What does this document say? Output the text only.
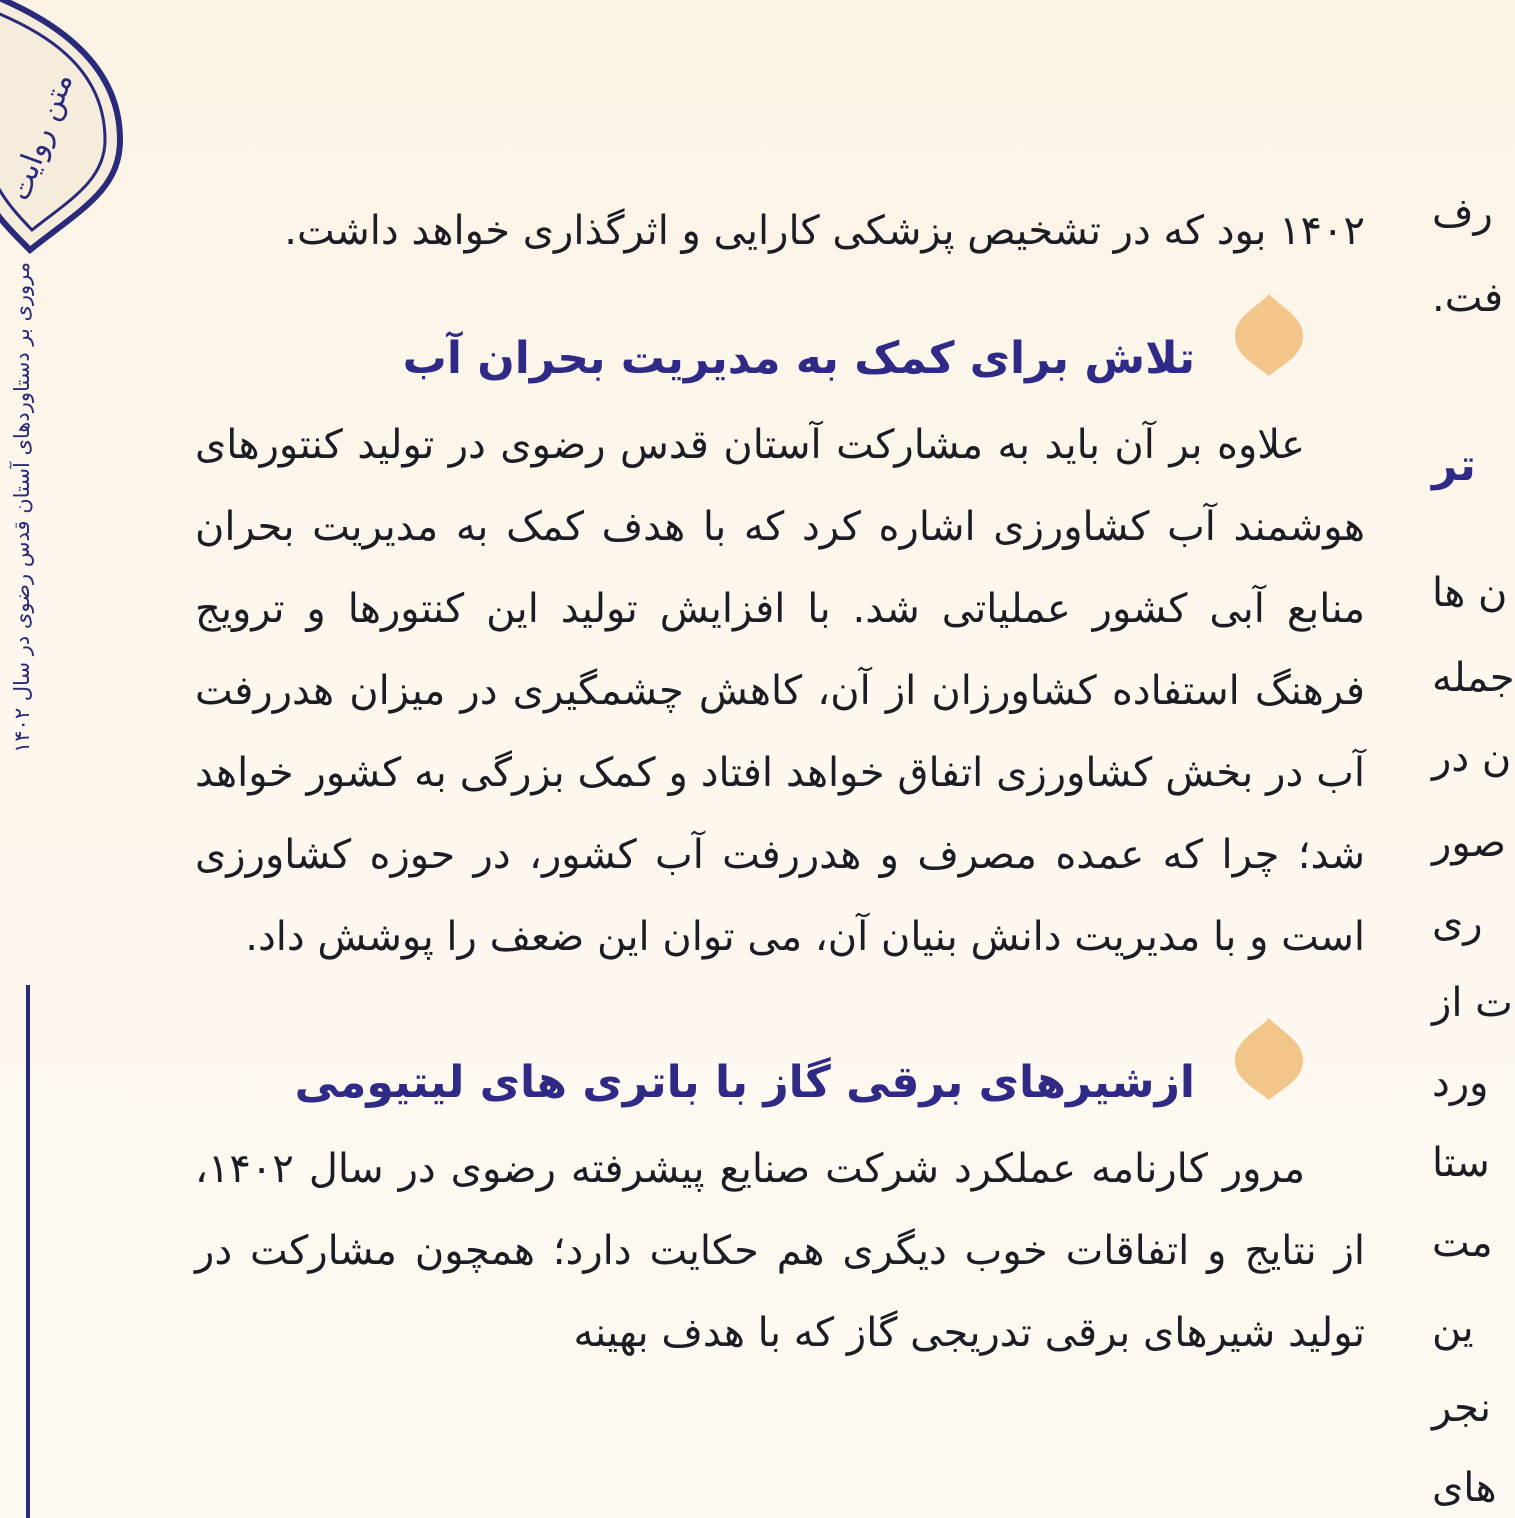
متن روایت
مروری بر دستاوردهای آستان قدس رضوی در سال ۱۴۰۲

۱۴۰۲ بود که در تشخیص پزشکی کارایی و اثرگذاری خواهد داشت.

تلاش برای کمک به مدیریت بحران آب

علاوه بر آن باید به مشارکت آستان قدس رضوی در تولید کنتورهای هوشمند آب کشاورزی اشاره کرد که با هدف کمک به مدیریت بحران منابع آبی کشور عملیاتی شد. با افزایش تولید این کنتورها و ترویج فرهنگ استفاده کشاورزان از آن، کاهش چشمگیری در میزان هدررفت آب در بخش کشاورزی اتفاق خواهد افتاد و کمک بزرگی به کشور خواهد شد؛ چرا که عمده مصرف و هدررفت آب کشور، در حوزه کشاورزی است و با مدیریت دانش بنیان آن، می توان این ضعف را پوشش داد.

ازشیرهای برقی گاز با باتری های لیتیومی

مرور کارنامه عملکرد شرکت صنایع پیشرفته رضوی در سال ۱۴۰۲، از نتایج و اتفاقات خوب دیگری هم حکایت دارد؛ همچون مشارکت در تولید شیرهای برقی تدریجی گاز که با هدف بهینه

رف
فت.
تر
ن ها
جمله
ن در
صور
ری
ت از
ورد
ستا
مت
ین
نجر
های
